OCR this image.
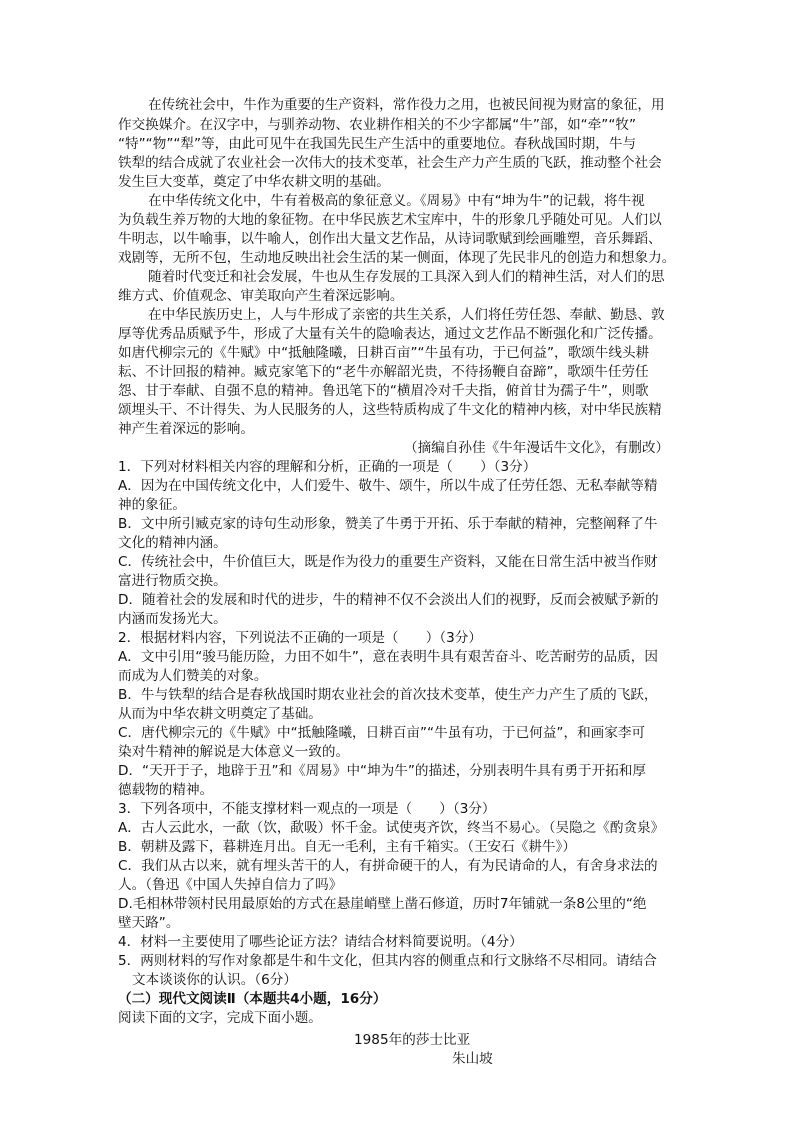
在传统社会中，牛作为重要的生产资料，常作役力之用，也被民间视为财富的象征，用
作交换媒介。在汉字中，与驯养动物、农业耕作相关的不少字都属“牛”部，如“牵”“牧”
“特”“物”“犁”等，由此可见牛在我国先民生产生活中的重要地位。春秋战国时期，牛与
铁犁的结合成就了农业社会一次伟大的技术变革，社会生产力产生质的飞跃，推动整个社会
发生巨大变革，奠定了中华农耕文明的基础。
在中华传统文化中，牛有着极高的象征意义。《周易》中有“坤为牛”的记载，将牛视
为负载生养万物的大地的象征物。在中华民族艺术宝库中，牛的形象几乎随处可见。人们以
牛明志，以牛喻事，以牛喻人，创作出大量文艺作品，从诗词歌赋到绘画雕塑，音乐舞蹈、
戏剧等，无所不包，生动地反映出社会生活的某一侧面，体现了先民非凡的创造力和想象力。
随着时代变迁和社会发展，牛也从生存发展的工具深入到人们的精神生活，对人们的思
维方式、价值观念、审美取向产生着深远影响。
在中华民族历史上，人与牛形成了亲密的共生关系，人们将任劳任怨、奉献、勤恳、敦
厚等优秀品质赋予牛，形成了大量有关牛的隐喻表达，通过文艺作品不断强化和广泛传播。
如唐代柳宗元的《牛赋》中“抵触隆曦，日耕百亩”“牛虽有功，于已何益”，歌颂牛线头耕
耘、不计回报的精神。臧克家笔下的“老牛亦解韶光贵，不待扬鞭自奋蹄”，歌颂牛任劳任
怨、甘于奉献、自强不息的精神。鲁迅笔下的“横眉冷对千夫指，俯首甘为孺子牛”，则歌
颂埋头干、不计得失、为人民服务的人，这些特质构成了牛文化的精神内核，对中华民族精
神产生着深远的影响。
（摘编自孙佳《牛年漫话牛文化》，有删改）
1．下列对材料相关内容的理解和分析，正确的一项是（　　）（3分）
A．因为在中国传统文化中，人们爱牛、敬牛、颂牛，所以牛成了任劳任怨、无私奉献等精
神的象征。
B．文中所引臧克家的诗句生动形象，赞美了牛勇于开拓、乐于奉献的精神，完整阐释了牛
文化的精神内涵。
C．传统社会中，牛价值巨大，既是作为役力的重要生产资料，又能在日常生活中被当作财
富进行物质交换。
D．随着社会的发展和时代的进步，牛的精神不仅不会淡出人们的视野，反而会被赋予新的
内涵而发扬光大。
2．根据材料内容，下列说法不正确的一项是（　　）（3分）
A．文中引用“骏马能历险，力田不如牛”，意在表明牛具有艰苦奋斗、吃苦耐劳的品质，因
而成为人们赞美的对象。
B．牛与铁犁的结合是春秋战国时期农业社会的首次技术变革，使生产力产生了质的飞跃，
从而为中华农耕文明奠定了基础。
C．唐代柳宗元的《牛赋》中“抵触隆曦，日耕百亩”“牛虽有功，于已何益”，和画家李可
染对牛精神的解说是大体意义一致的。
D．“天开于子，地辟于丑”和《周易》中“坤为牛”的描述，分别表明牛具有勇于开拓和厚
德载物的精神。
3．下列各项中，不能支撑材料一观点的一项是（　　）（3分）
A．古人云此水，一歃（饮，歃吸）怀千金。试使夷齐饮，终当不易心。（吴隐之《酌贪泉》
B．朝耕及露下，暮耕连月出。自无一毛利，主有千箱实。（王安石《耕牛》）
C．我们从古以来，就有埋头苦干的人，有拼命硬干的人，有为民请命的人，有舍身求法的
人。（鲁迅《中国人失掉自信力了吗》
D.毛相林带领村民用最原始的方式在悬崖峭壁上凿石修道，历时7年铺就一条8公里的“绝
壁天路”。
4．材料一主要使用了哪些论证方法？请结合材料简要说明。（4分）
5．两则材料的写作对象都是牛和牛文化，但其内容的侧重点和行文脉络不尽相同。请结合
文本谈谈你的认识。（6分）
（二）现代文阅读Ⅱ（本题共4小题，16分）
阅读下面的文字，完成下面小题。
1985年的莎士比亚
朱山坡
